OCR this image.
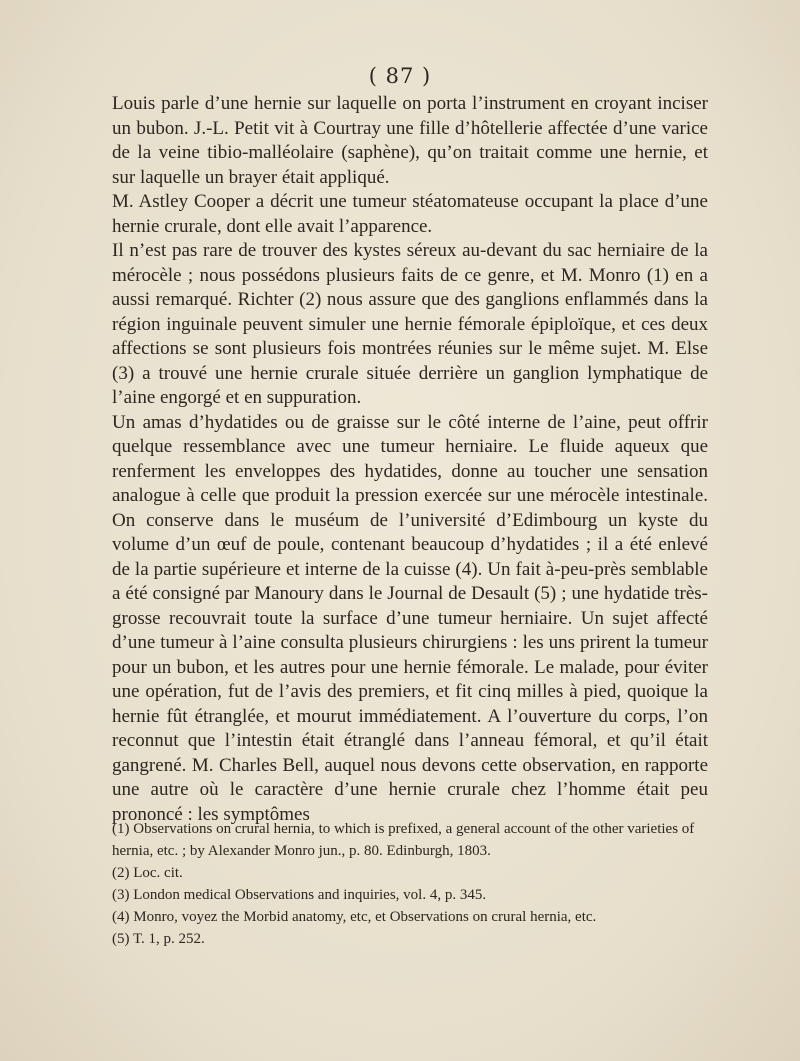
( 87 )

Louis parle d’une hernie sur laquelle on porta l’instrument en croyant inciser un bubon. J.-L. Petit vit à Courtray une fille d’hôtellerie affectée d’une varice de la veine tibio-malléolaire (saphène), qu’on traitait comme une hernie, et sur laquelle un brayer était appliqué.

M. Astley Cooper a décrit une tumeur stéatomateuse occupant la place d’une hernie crurale, dont elle avait l’apparence.

Il n’est pas rare de trouver des kystes séreux au-devant du sac herniaire de la mérocèle ; nous possédons plusieurs faits de ce genre, et M. Monro (1) en a aussi remarqué. Richter (2) nous assure que des ganglions enflammés dans la région inguinale peuvent simuler une hernie fémorale épiploïque, et ces deux affections se sont plusieurs fois montrées réunies sur le même sujet. M. Else (3) a trouvé une hernie crurale située derrière un ganglion lymphatique de l’aine engorgé et en suppuration.

Un amas d’hydatides ou de graisse sur le côté interne de l’aine, peut offrir quelque ressemblance avec une tumeur herniaire. Le fluide aqueux que renferment les enveloppes des hydatides, donne au toucher une sensation analogue à celle que produit la pression exercée sur une mérocèle intestinale. On conserve dans le muséum de l’université d’Edimbourg un kyste du volume d’un œuf de poule, contenant beaucoup d’hydatides ; il a été enlevé de la partie supérieure et interne de la cuisse (4). Un fait à-peu-près semblable a été consigné par Manoury dans le Journal de Desault (5) ; une hydatide très-grosse recouvrait toute la surface d’une tumeur herniaire. Un sujet affecté d’une tumeur à l’aine consulta plusieurs chirurgiens : les uns prirent la tumeur pour un bubon, et les autres pour une hernie fémorale. Le malade, pour éviter une opération, fut de l’avis des premiers, et fit cinq milles à pied, quoique la hernie fût étranglée, et mourut immédiatement. A l’ouverture du corps, l’on reconnut que l’intestin était étranglé dans l’anneau fémoral, et qu’il était gangrené. M. Charles Bell, auquel nous devons cette observation, en rapporte une autre où le caractère d’une hernie crurale chez l’homme était peu prononcé : les symptômes

(1) Observations on crural hernia, to which is prefixed, a general account of the other varieties of hernia, etc. ; by Alexander Monro jun., p. 80. Edinburgh, 1803.

(2) Loc. cit.

(3) London medical Observations and inquiries, vol. 4, p. 345.

(4) Monro, voyez the Morbid anatomy, etc, et Observations on crural hernia, etc.

(5) T. 1, p. 252.
